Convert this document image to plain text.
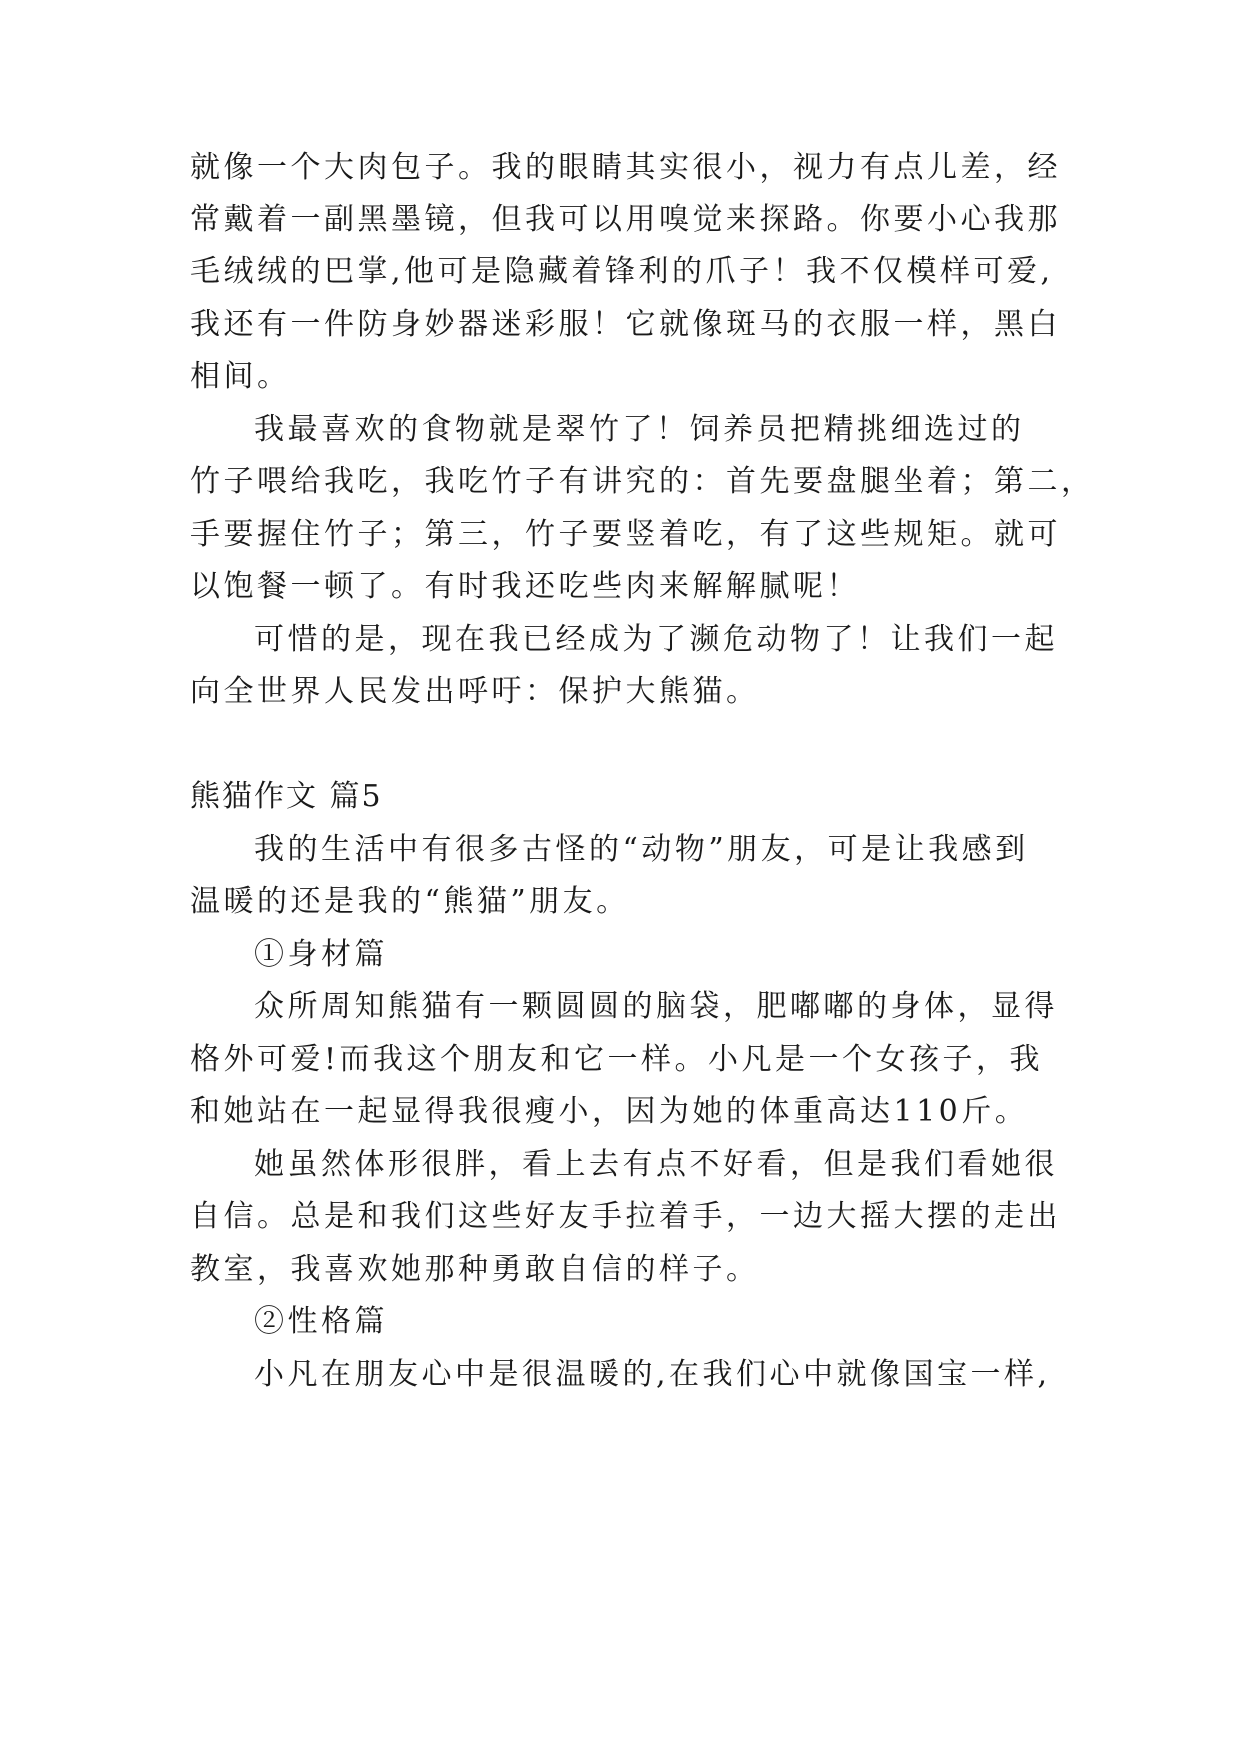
就像一个大肉包子。我的眼睛其实很小，视力有点儿差，经
常戴着一副黑墨镜，但我可以用嗅觉来探路。你要小心我那
毛绒绒的巴掌,他可是隐藏着锋利的爪子！我不仅模样可爱,
我还有一件防身妙器迷彩服！它就像斑马的衣服一样，黑白
相间。
我最喜欢的食物就是翠竹了！饲养员把精挑细选过的
竹子喂给我吃，我吃竹子有讲究的：首先要盘腿坐着；第二，
手要握住竹子；第三，竹子要竖着吃，有了这些规矩。就可
以饱餐一顿了。有时我还吃些肉来解解腻呢！
可惜的是，现在我已经成为了濒危动物了！让我们一起
向全世界人民发出呼吁：保护大熊猫。
熊猫作文 篇5
我的生活中有很多古怪的“动物”朋友，可是让我感到
温暖的还是我的“熊猫”朋友。
①身材篇
众所周知熊猫有一颗圆圆的脑袋，肥嘟嘟的身体，显得
格外可爱!而我这个朋友和它一样。小凡是一个女孩子，我
和她站在一起显得我很瘦小，因为她的体重高达110斤。
她虽然体形很胖，看上去有点不好看，但是我们看她很
自信。总是和我们这些好友手拉着手，一边大摇大摆的走出
教室，我喜欢她那种勇敢自信的样子。
②性格篇
小凡在朋友心中是很温暖的,在我们心中就像国宝一样,
